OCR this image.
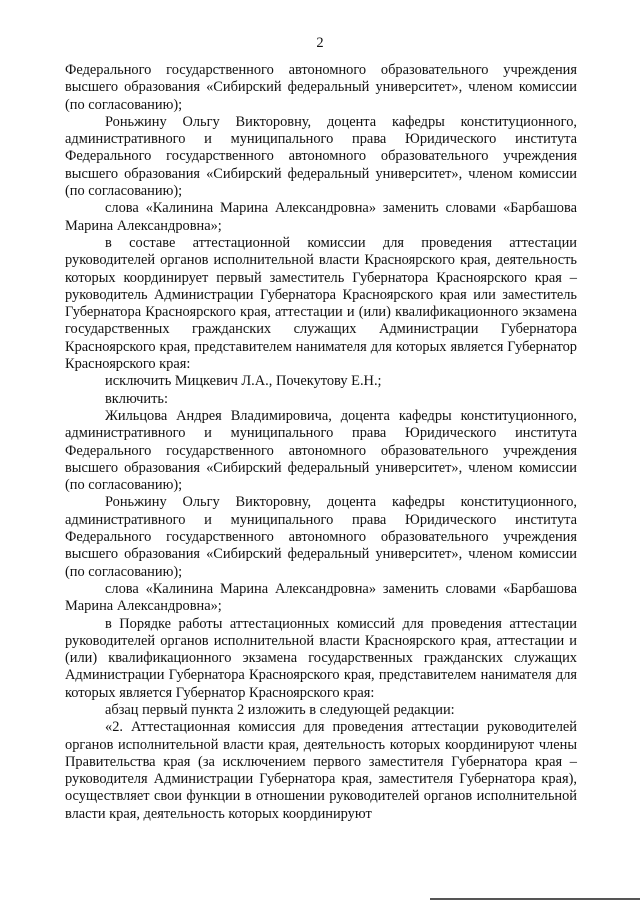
2

Федерального государственного автономного образовательного учреждения высшего образования «Сибирский федеральный университет», членом комиссии (по согласованию);

Роньжину Ольгу Викторовну, доцента кафедры конституционного, административного и муниципального права Юридического института Федерального государственного автономного образовательного учреждения высшего образования «Сибирский федеральный университет», членом комиссии (по согласованию);

слова «Калинина Марина Александровна» заменить словами «Барбашова Марина Александровна»;

в составе аттестационной комиссии для проведения аттестации руководителей органов исполнительной власти Красноярского края, деятельность которых координирует первый заместитель Губернатора Красноярского края – руководитель Администрации Губернатора Красноярского края или заместитель Губернатора Красноярского края, аттестации и (или) квалификационного экзамена государственных гражданских служащих Администрации Губернатора Красноярского края, представителем нанимателя для которых является Губернатор Красноярского края:

исключить Мицкевич Л.А., Почекутову Е.Н.;

включить:

Жильцова Андрея Владимировича, доцента кафедры конституционного, административного и муниципального права Юридического института Федерального государственного автономного образовательного учреждения высшего образования «Сибирский федеральный университет», членом комиссии (по согласованию);

Роньжину Ольгу Викторовну, доцента кафедры конституционного, административного и муниципального права Юридического института Федерального государственного автономного образовательного учреждения высшего образования «Сибирский федеральный университет», членом комиссии (по согласованию);

слова «Калинина Марина Александровна» заменить словами «Барбашова Марина Александровна»;

в Порядке работы аттестационных комиссий для проведения аттестации руководителей органов исполнительной власти Красноярского края, аттестации и (или) квалификационного экзамена государственных гражданских служащих Администрации Губернатора Красноярского края, представителем нанимателя для которых является Губернатор Красноярского края:

абзац первый пункта 2 изложить в следующей редакции:

«2. Аттестационная комиссия для проведения аттестации руководителей органов исполнительной власти края, деятельность которых координируют члены Правительства края (за исключением первого заместителя Губернатора края – руководителя Администрации Губернатора края, заместителя Губернатора края), осуществляет свои функции в отношении руководителей органов исполнительной власти края, деятельность которых координируют
